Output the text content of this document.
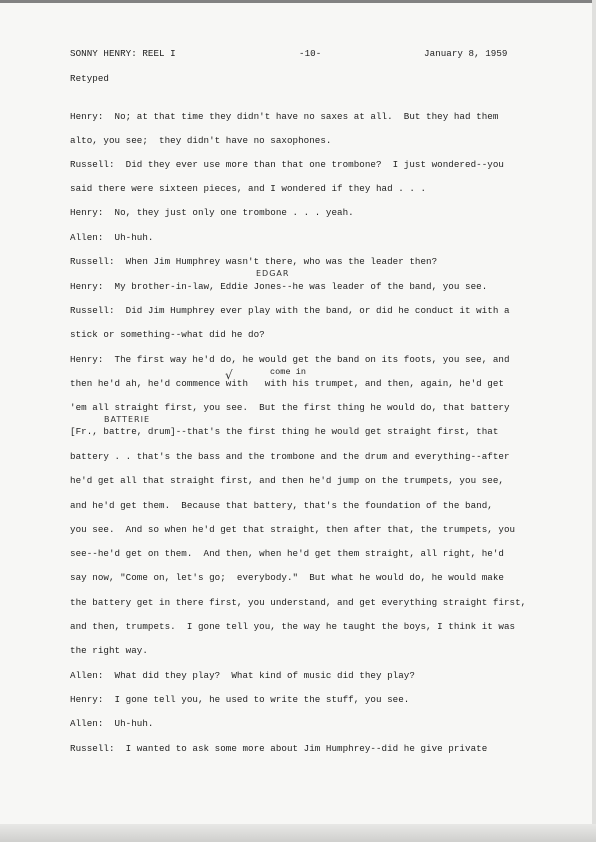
SONNY HENRY: REEL I	-10-	January 8, 1959
Retyped
Henry:  No; at that time they didn't have no saxes at all.  But they had them
alto, you see;  they didn't have no saxophones.
Russell:  Did they ever use more than that one trombone?  I just wondered--you
said there were sixteen pieces, and I wondered if they had . . .
Henry:  No, they just only one trombone . . . yeah.
Allen:  Uh-huh.
Russell:  When Jim Humphrey wasn't there, who was the leader then?
Henry:  My brother-in-law, Eddie Jones--he was leader of the band, you see.
Russell:  Did Jim Humphrey ever play with the band, or did he conduct it with a
stick or something--what did he do?
Henry:  The first way he'd do, he would get the band on its foots, you see, and
then he'd ah, he'd commence with   with his trumpet, and then, again, he'd get
'em all straight first, you see.  But the first thing he would do, that battery
[Fr., battre, drum]--that's the first thing he would get straight first, that
battery . . that's the bass and the trombone and the drum and everything--after
he'd get all that straight first, and then he'd jump on the trumpets, you see,
and he'd get them.  Because that battery, that's the foundation of the band,
you see.  And so when he'd get that straight, then after that, the trumpets, you
see--he'd get on them.  And then, when he'd get them straight, all right, he'd
say now, "Come on, let's go;  everybody."  But what he would do, he would make
the battery get in there first, you understand, and get everything straight first,
and then, trumpets.  I gone tell you, the way he taught the boys, I think it was
the right way.
Allen:  What did they play?  What kind of music did they play?
Henry:  I gone tell you, he used to write the stuff, you see.
Allen:  Uh-huh.
Russell:  I wanted to ask some more about Jim Humphrey--did he give private
EDGAR
come in
√
BATTERIE
